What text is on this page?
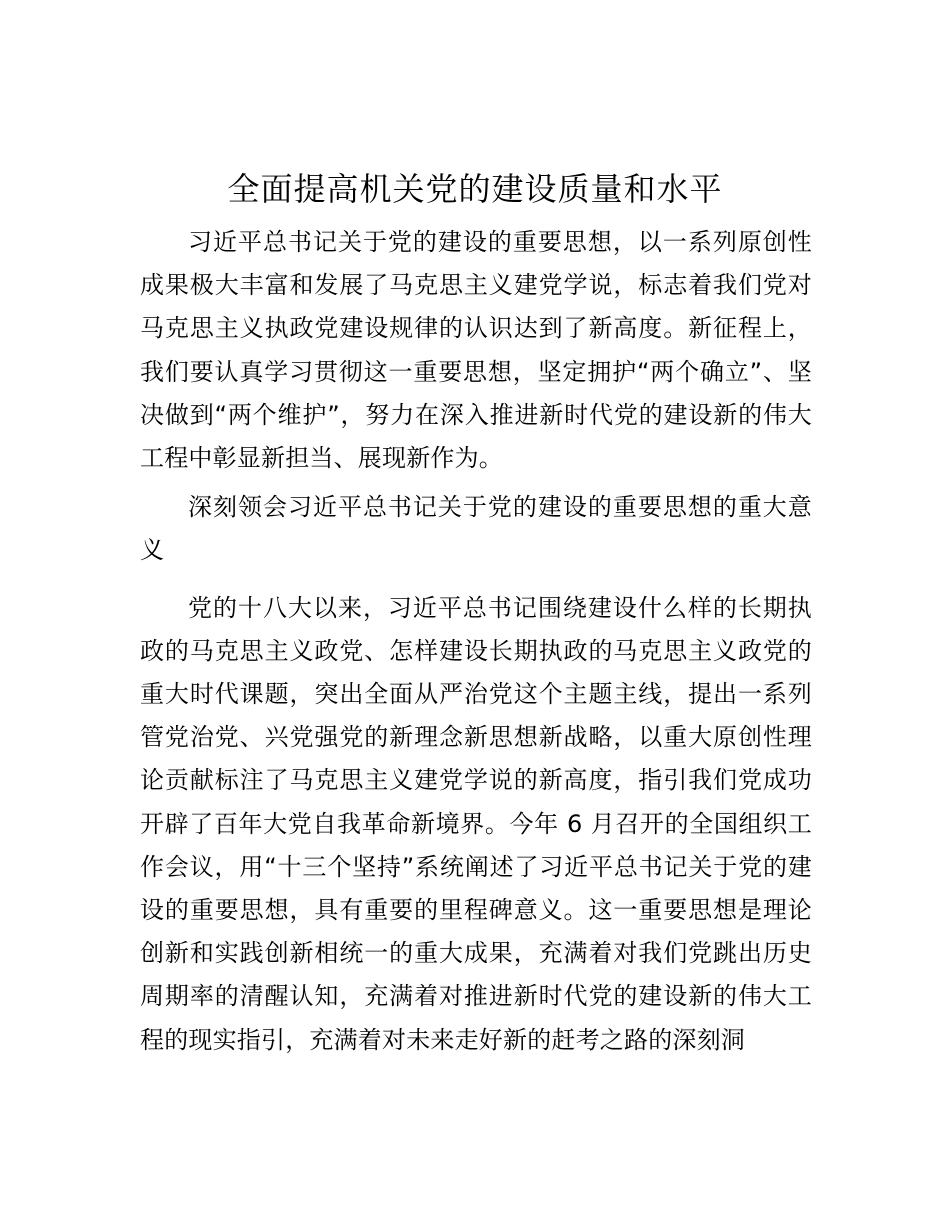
全面提高机关党的建设质量和水平

习近平总书记关于党的建设的重要思想，以一系列原创性成果极大丰富和发展了马克思主义建党学说，标志着我们党对马克思主义执政党建设规律的认识达到了新高度。新征程上，我们要认真学习贯彻这一重要思想，坚定拥护“两个确立”、坚决做到“两个维护”，努力在深入推进新时代党的建设新的伟大工程中彰显新担当、展现新作为。

深刻领会习近平总书记关于党的建设的重要思想的重大意义

党的十八大以来，习近平总书记围绕建设什么样的长期执政的马克思主义政党、怎样建设长期执政的马克思主义政党的重大时代课题，突出全面从严治党这个主题主线，提出一系列管党治党、兴党强党的新理念新思想新战略，以重大原创性理论贡献标注了马克思主义建党学说的新高度，指引我们党成功开辟了百年大党自我革命新境界。今年 6 月召开的全国组织工作会议，用“十三个坚持”系统阐述了习近平总书记关于党的建设的重要思想，具有重要的里程碑意义。这一重要思想是理论创新和实践创新相统一的重大成果，充满着对我们党跳出历史周期率的清醒认知，充满着对推进新时代党的建设新的伟大工程的现实指引，充满着对未来走好新的赶考之路的深刻洞
